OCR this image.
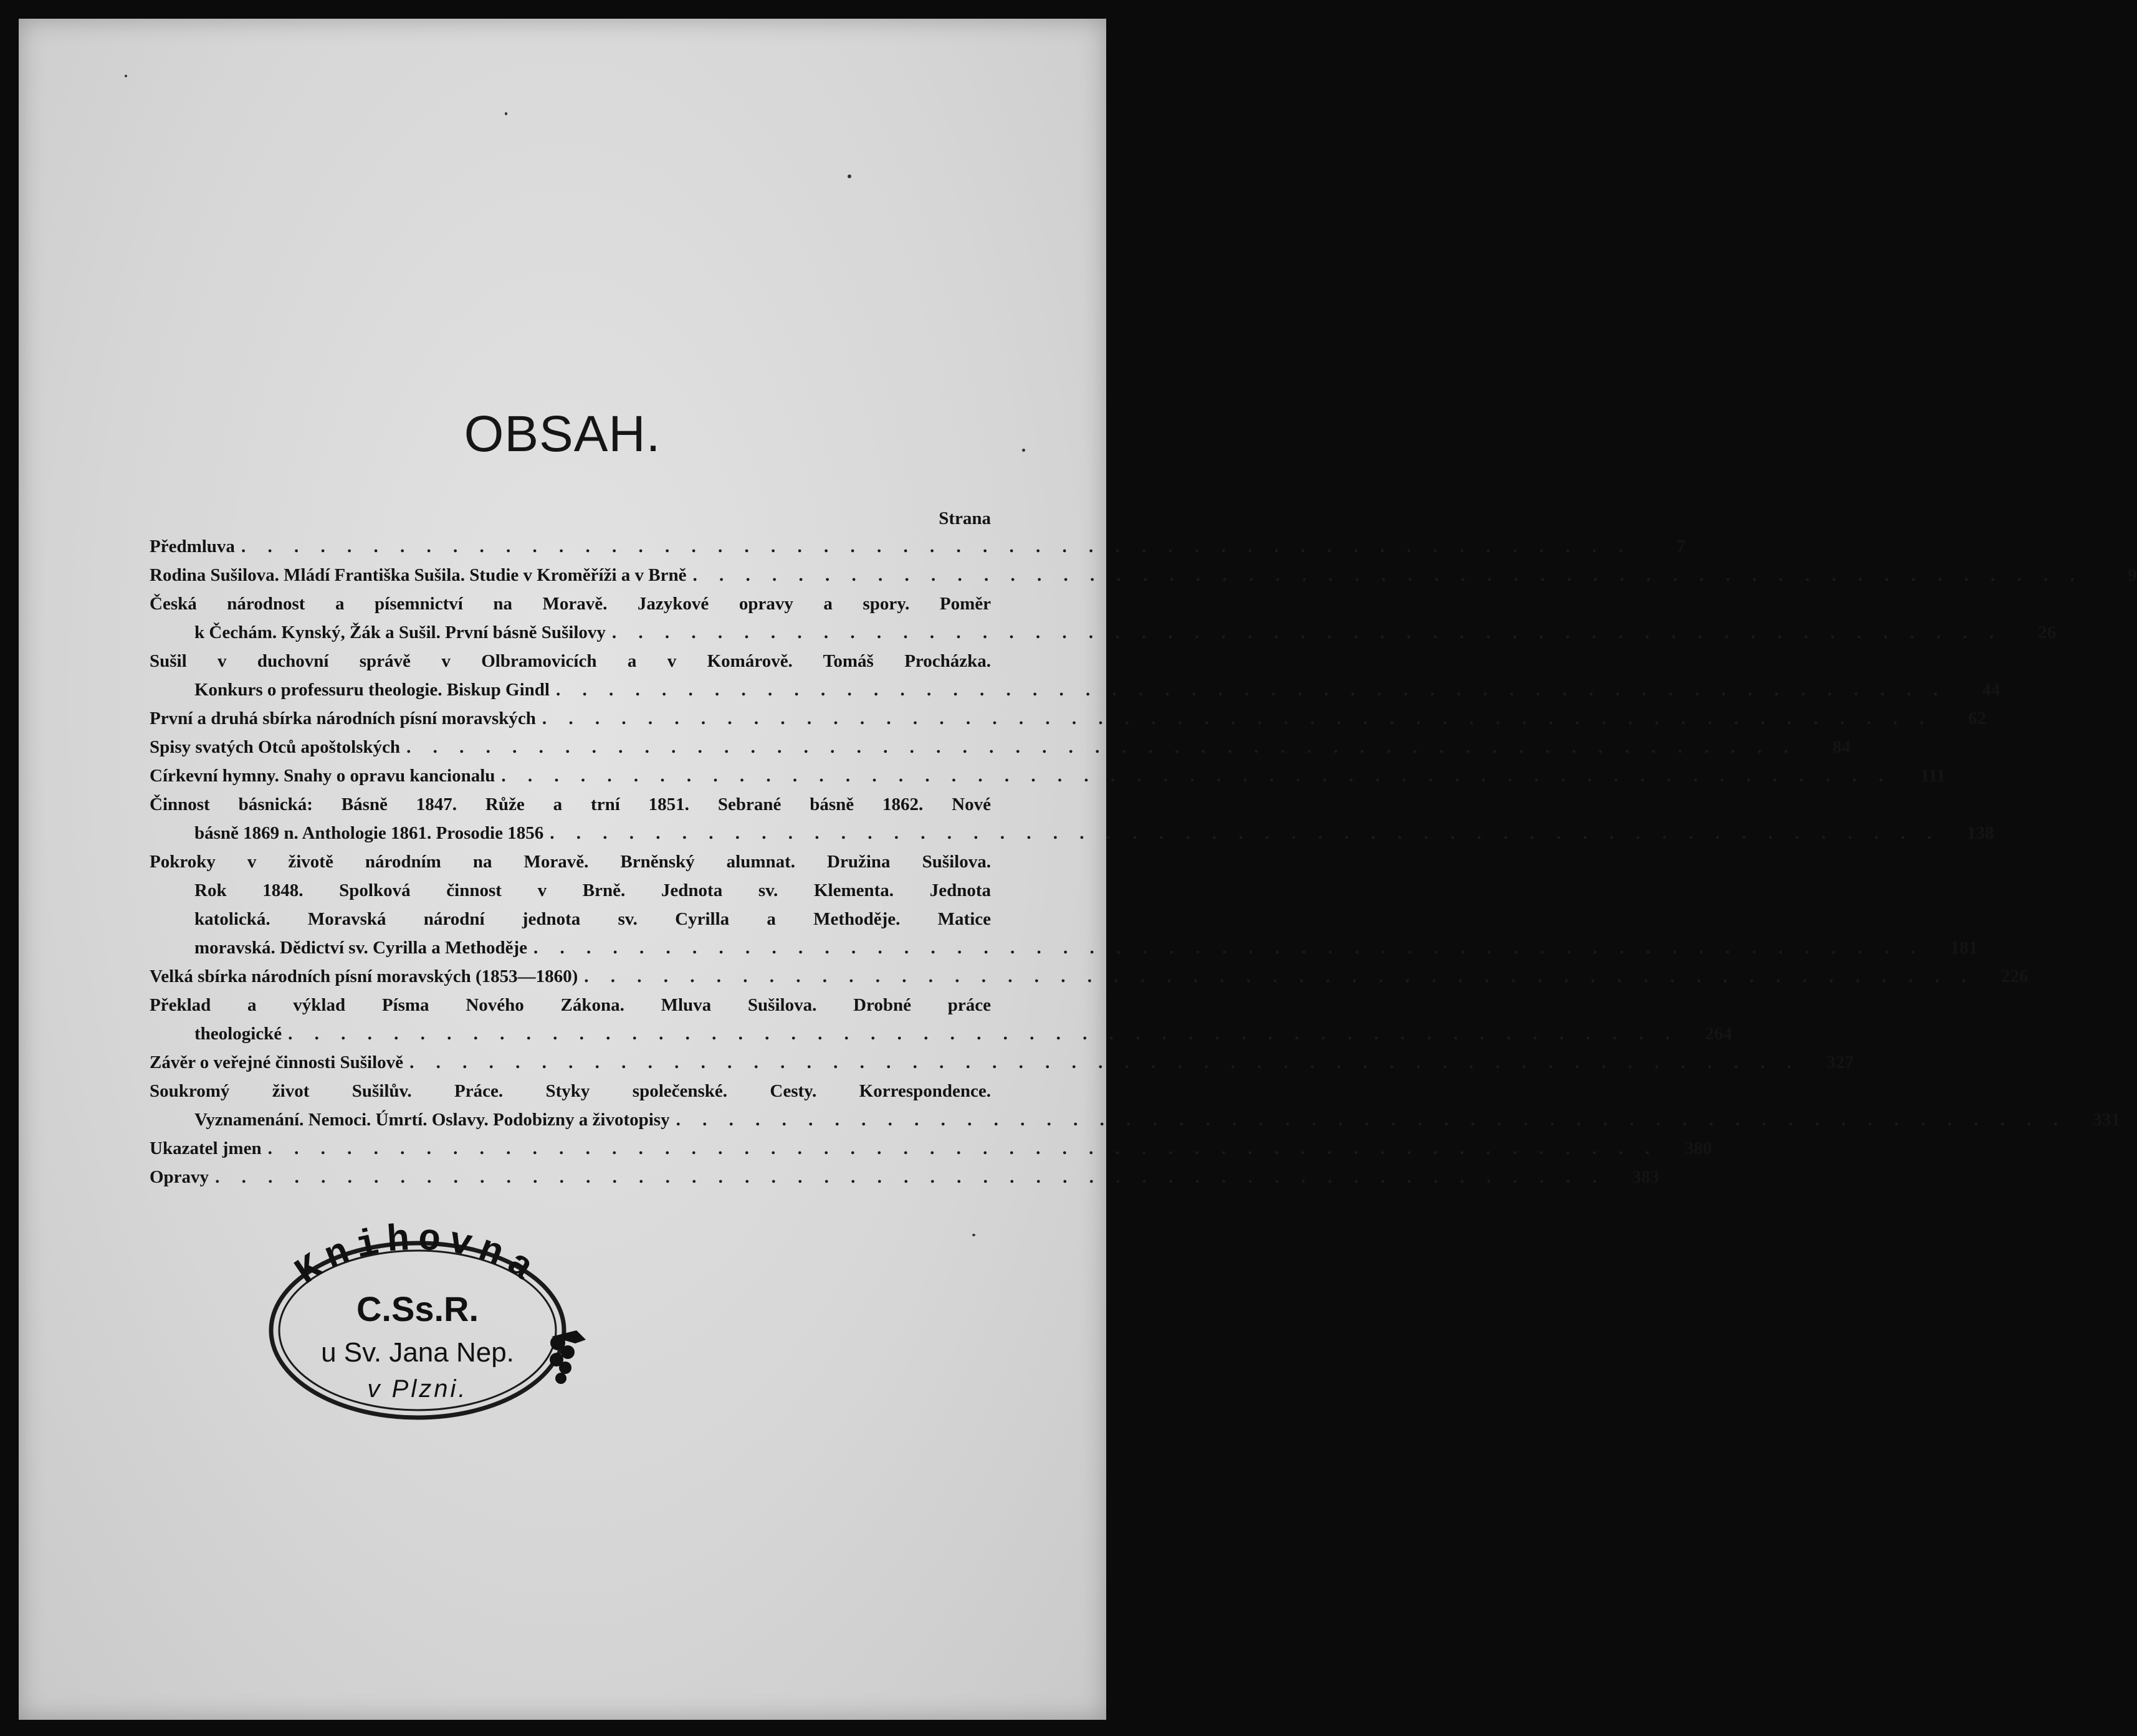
OBSAH.
Strana
Předmluva . . .	7
Rodina Sušilova. Mládí Františka Sušila. Studie v Kroměříži a v Brně . . .	9
Česká národnost a písemnictví na Moravě. Jazykové opravy a spory. Poměr
k Čechám. Kynský, Žák a Sušil. První básně Sušilovy . . .	26
Sušil v duchovní správě v Olbramovicích a v Komárově. Tomáš Procházka.
Konkurs o professuru theologie. Biskup Gindl . . .	44
První a druhá sbírka národních písní moravských . . .	62
Spisy svatých Otců apoštolských . . .	84
Církevní hymny. Snahy o opravu kancionalu . . .	111
Činnost básnická: Básně 1847. Růže a trní 1851. Sebrané básně 1862. Nové
básně 1869 n. Anthologie 1861. Prosodie 1856 . . .	138
Pokroky v životě národním na Moravě. Brněnský alumnat. Družina Sušilova.
Rok 1848. Spolková činnost v Brně. Jednota sv. Klementa. Jednota
katolická. Moravská národní jednota sv. Cyrilla a Methoděje. Matice
moravská. Dědictví sv. Cyrilla a Methoděje . . .	181
Velká sbírka národních písní moravských (1853—1860) . . .	226
Překlad a výklad Písma Nového Zákona. Mluva Sušilova. Drobné práce
theologické . . .	264
Závěr o veřejné činnosti Sušilově . . .	327
Soukromý život Sušilův. Práce. Styky společenské. Cesty. Korrespondence.
Vyznamenání. Nemoci. Úmrtí. Oslavy. Podobizny a životopisy . . .	331
Ukazatel jmen . . .	380
Opravy . . .	383
Knihovna
C.Ss.R.
u Sv. Jana Nep.
v Plzni.
